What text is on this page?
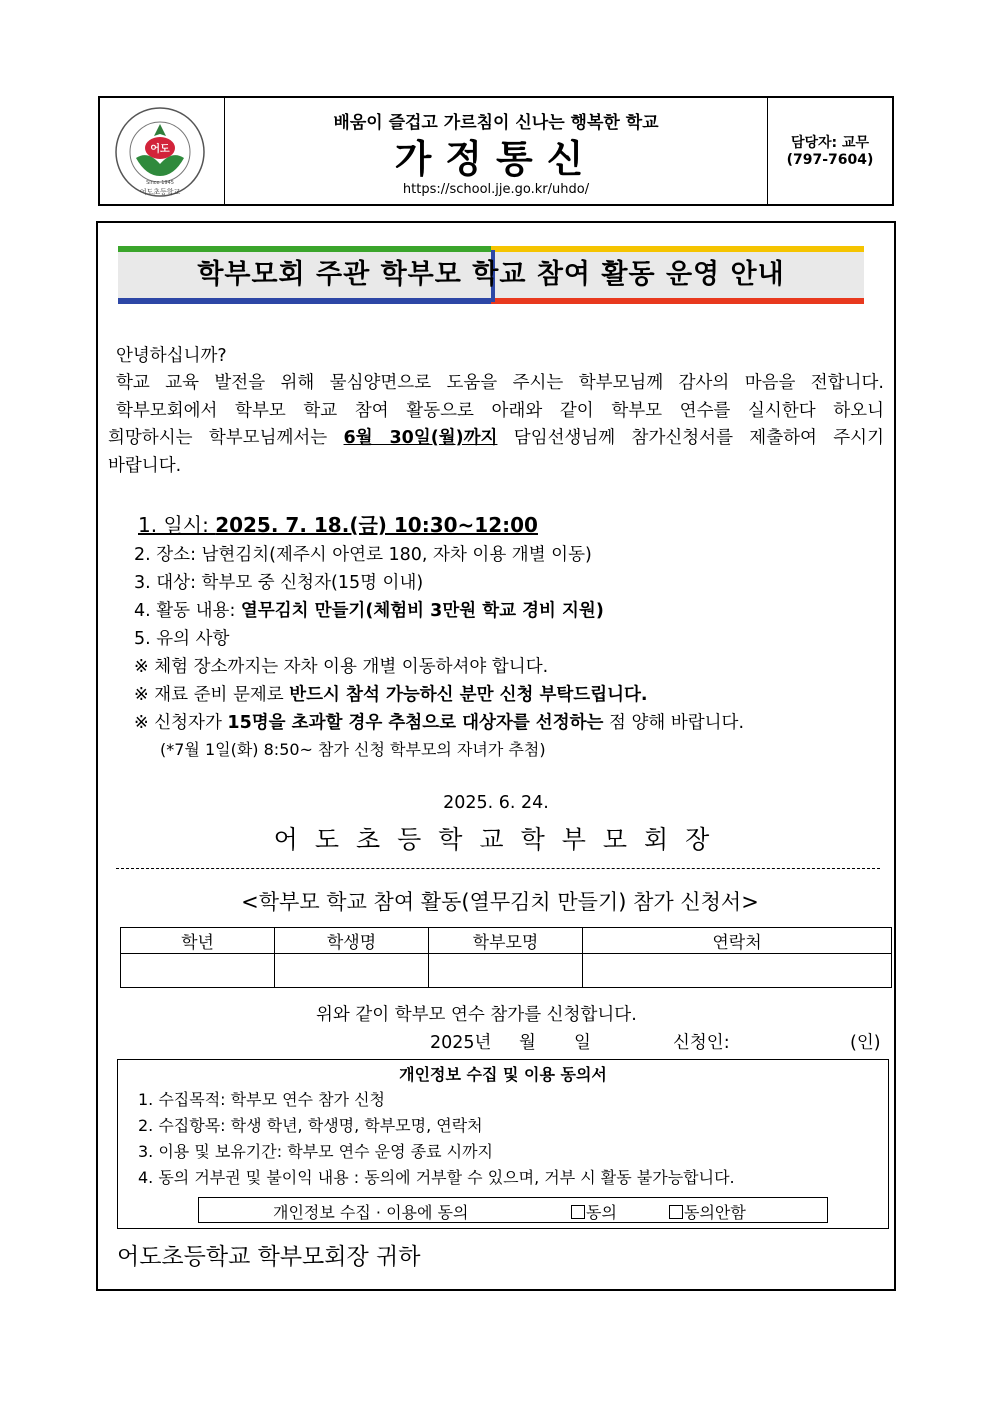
어도
Since 1945
어도초등학교
배움이 즐겁고 가르침이 신나는 행복한 학교
가정통신
https://school.jje.go.kr/uhdo/
담당자: 교무
(797-7604)
학부모회 주관 학부모 학교 참여 활동 운영 안내
안녕하십니까?
학교 교육 발전을 위해 물심양면으로 도움을 주시는 학부모님께 감사의 마음을 전합니다.
학부모회에서 학부모 학교 참여 활동으로 아래와 같이 학부모 연수를 실시한다 하오니
희망하시는 학부모님께서는 6월 30일(월)까지 담임선생님께 참가신청서를 제출하여 주시기
바랍니다.
1. 일시: 2025. 7. 18.(금) 10:30~12:00
2. 장소: 남현김치(제주시 아연로 180, 자차 이용 개별 이동)
3. 대상: 학부모 중 신청자(15명 이내)
4. 활동 내용: 열무김치 만들기(체험비 3만원 학교 경비 지원)
5. 유의 사항
※ 체험 장소까지는 자차 이용 개별 이동하셔야 합니다.
※ 재료 준비 문제로 반드시 참석 가능하신 분만 신청 부탁드립니다.
※ 신청자가 15명을 초과할 경우 추첨으로 대상자를 선정하는 점 양해 바랍니다.
(*7월 1일(화) 8:50~ 참가 신청 학부모의 자녀가 추첨)
2025. 6. 24.
어도초등학교학부모회장
<학부모 학교 참여 활동(열무김치 만들기) 참가 신청서>
학년	학생명	학부모명	연락처

위와 같이 학부모 연수 참가를 신청합니다.
2025년 월 일	신청인:	(인)
개인정보 수집 및 이용 동의서
1. 수집목적: 학부모 연수 참가 신청
2. 수집항목: 학생 학년, 학생명, 학부모명, 연락처
3. 이용 및 보유기간: 학부모 연수 운영 종료 시까지
4. 동의 거부권 및 불이익 내용 : 동의에 거부할 수 있으며, 거부 시 활동 불가능합니다.
개인정보 수집 · 이용에 동의	동의	동의안함
어도초등학교 학부모회장 귀하
